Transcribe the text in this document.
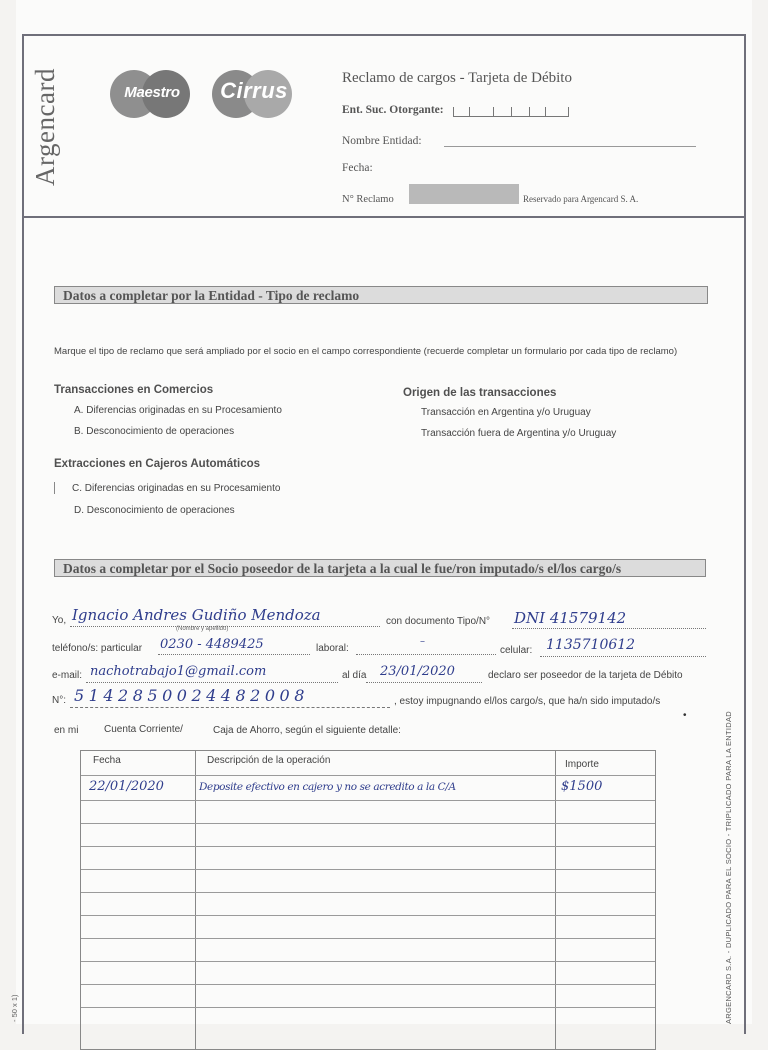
Argencard	Maestro	Cirrus	Reclamo de cargos - Tarjeta de Débito
Ent. Suc. Otorgante:
Nombre Entidad:
Fecha:
N° Reclamo	Reservado para Argencard S. A.
Datos a completar por la Entidad - Tipo de reclamo
Marque el tipo de reclamo que será ampliado por el socio en el campo correspondiente (recuerde completar un formulario por cada tipo de reclamo)
Transacciones en Comercios
A. Diferencias originadas en su Procesamiento
B. Desconocimiento de operaciones
Origen de las transacciones
Transacción en Argentina y/o Uruguay
Transacción fuera de Argentina y/o Uruguay
Extracciones en Cajeros Automáticos
C. Diferencias originadas en su Procesamiento
D. Desconocimiento de operaciones
Datos a completar por el Socio poseedor de la tarjeta a la cual le fue/ron imputado/s el/los cargo/s
Yo, Ignacio Andres Gudiño Mendoza
(Nombre y apellido)
con documento Tipo/N° DNI 41579142
teléfono/s: particular 0230 - 4489425	laboral:
–
celular: 1135710612
e-mail: nachotrabajo1@gmail.com	al día 23/01/2020	declaro ser poseedor de la tarjeta de Débito
N°: 5142850024482008	, estoy impugnando el/los cargo/s, que ha/n sido imputado/s
•
en mi	Cuenta Corriente/	Caja de Ahorro, según el siguiente detalle:
Fecha	Descripción de la operación	Importe
22/01/2020	Deposite efectivo en cajero y no se acredito a la C/A	$1500	ARGENCARD S.A. - DUPLICADO PARA EL SOCIO - TRIPLICADO PARA LA ENTIDAD
- 50 x 1)
